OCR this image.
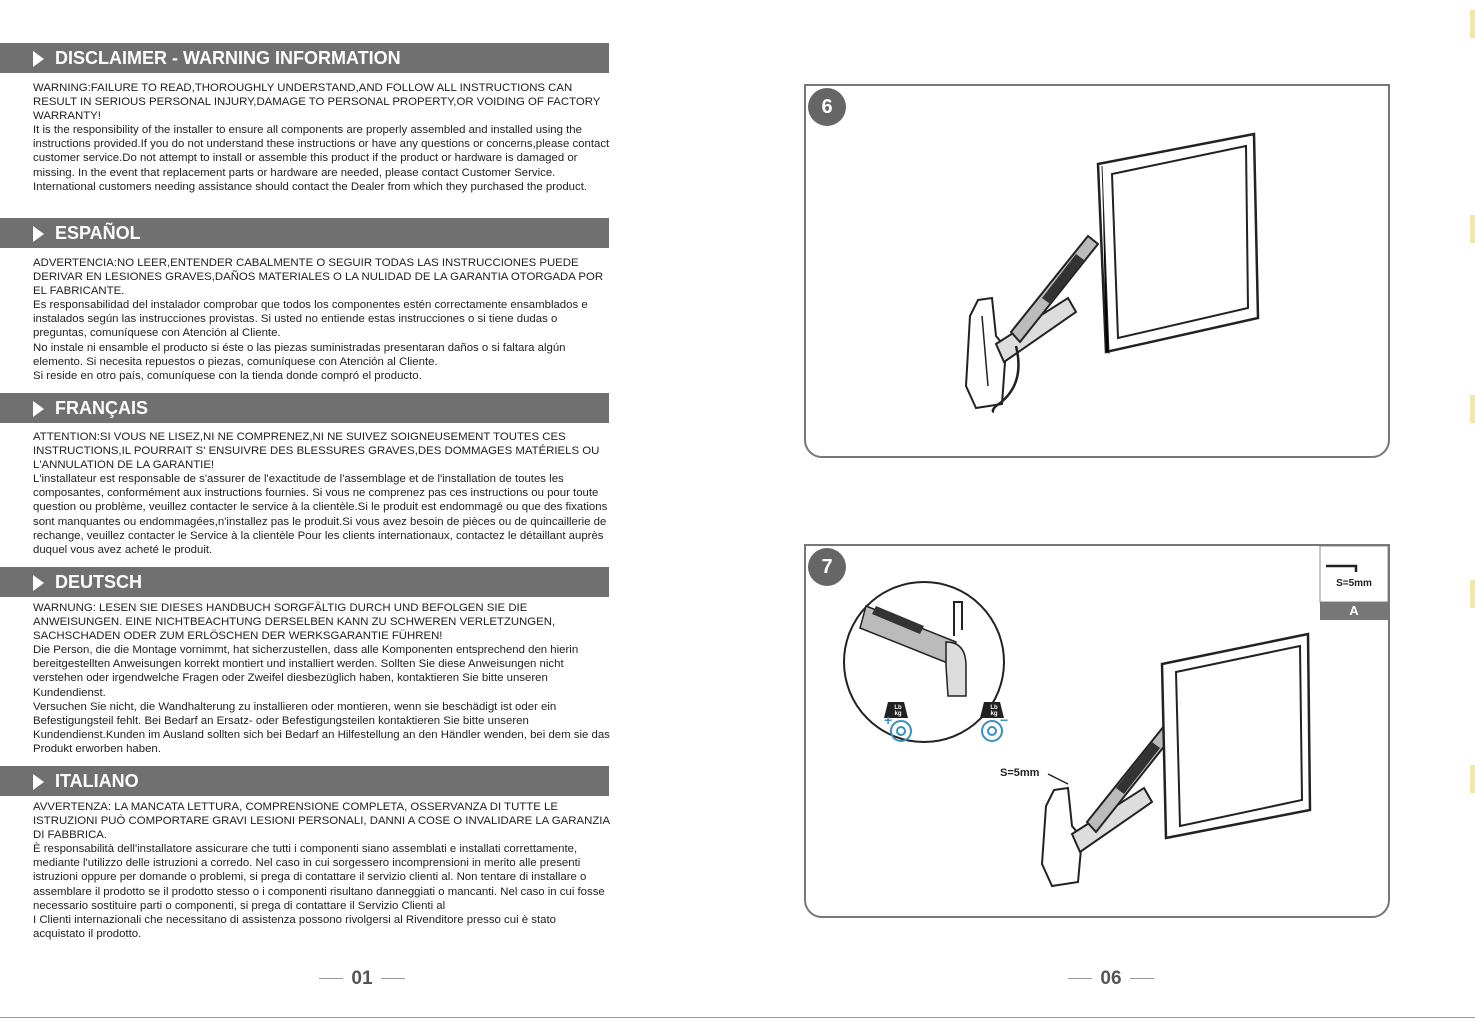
DISCLAIMER - WARNING INFORMATION

WARNING:FAILURE TO READ,THOROUGHLY UNDERSTAND,AND FOLLOW ALL INSTRUCTIONS CAN RESULT IN SERIOUS PERSONAL INJURY,DAMAGE TO PERSONAL PROPERTY,OR VOIDING OF FACTORY WARRANTY!

It is the responsibility of the installer to ensure all components are properly assembled and installed using the instructions provided.If you do not understand these instructions or have any questions or concerns,please contact customer service.Do not attempt to install or assemble this product if the product or hardware is damaged or missing. In the event that replacement parts or hardware are needed, please contact Customer Service. International customers needing assistance should contact the Dealer from which they purchased the product.

ESPAÑOL

ADVERTENCIA:NO LEER,ENTENDER CABALMENTE O SEGUIR TODAS LAS INSTRUCCIONES PUEDE DERIVAR EN LESIONES GRAVES,DAÑOS MATERIALES O LA NULIDAD DE LA GARANTIA OTORGADA POR EL FABRICANTE.

Es responsabilidad del instalador comprobar que todos los componentes estén correctamente ensamblados e instalados según las instrucciones provistas. Si usted no entiende estas instrucciones o si tiene dudas o preguntas, comuníquese con Atención al Cliente.

No instale ni ensamble el producto si éste o las piezas suministradas presentaran daños o si faltara algún elemento. Si necesita repuestos o piezas, comuníquese con Atención al Cliente.

Si reside en otro país, comuníquese con la tienda donde compró el producto.

FRANÇAIS

ATTENTION:SI VOUS NE LISEZ,NI NE COMPRENEZ,NI NE SUIVEZ SOIGNEUSEMENT TOUTES CES INSTRUCTIONS,IL POURRAIT S' ENSUIVRE DES BLESSURES GRAVES,DES DOMMAGES MATÉRIELS OU L'ANNULATION DE LA GARANTIE!

L'installateur est responsable de s'assurer de l'exactitude de l'assemblage et de l'installation de toutes les composantes, conformément aux instructions fournies. Si vous ne comprenez pas ces instructions ou pour toute question ou problème, veuillez contacter le service à la clientèle.Si le produit est endommagé ou que des fixations sont manquantes ou endommagées,n'installez pas le produit.Si vous avez besoin de pièces ou de quincaillerie de rechange, veuillez contacter le Service à la clientèle Pour les clients internationaux, contactez le détaillant auprès duquel vous avez acheté le produit.

DEUTSCH

WARNUNG: LESEN SIE DIESES HANDBUCH SORGFÄLTIG DURCH UND BEFOLGEN SIE DIE ANWEISUNGEN. EINE NICHTBEACHTUNG DERSELBEN KANN ZU SCHWEREN VERLETZUNGEN, SACHSCHADEN ODER ZUM ERLÖSCHEN DER WERKSGARANTIE FÜHREN!

Die Person, die die Montage vornimmt, hat sicherzustellen, dass alle Komponenten entsprechend den hierin bereitgestellten Anweisungen korrekt montiert und installiert werden. Sollten Sie diese Anweisungen nicht verstehen oder irgendwelche Fragen oder Zweifel diesbezüglich haben, kontaktieren Sie bitte unseren Kundendienst.

Versuchen Sie nicht, die Wandhalterung zu installieren oder montieren, wenn sie beschädigt ist oder ein Befestigungsteil fehlt. Bei Bedarf an Ersatz- oder Befestigungsteilen kontaktieren Sie bitte unseren Kundendienst.Kunden im Ausland sollten sich bei Bedarf an Hilfestellung an den Händler wenden, bei dem sie das Produkt erworben haben.

ITALIANO

AVVERTENZA: LA MANCATA LETTURA, COMPRENSIONE COMPLETA, OSSERVANZA DI TUTTE LE ISTRUZIONI PUÒ COMPORTARE GRAVI LESIONI PERSONALI, DANNI A COSE O INVALIDARE LA GARANZIA DI FABBRICA.

È responsabilità dell'installatore assicurare che tutti i componenti siano assemblati e installati correttamente, mediante l'utilizzo delle istruzioni a corredo. Nel caso in cui sorgessero incomprensioni in merito alle presenti istruzioni oppure per domande o problemi, si prega di contattare il servizio clienti al. Non tentare di installare o assemblare il prodotto se il prodotto stesso o i componenti risultano danneggiati o mancanti. Nel caso in cui fosse necessario sostituire parti o componenti, si prega di contattare il Servizio Clienti al

I Clienti internazionali che necessitano di assistenza possono rivolgersi al Rivenditore presso cui è stato acquistato il prodotto.

01	06
6
7
S=5mm
A
S=5mm
Lb
kg
Lb
kg
+	−
